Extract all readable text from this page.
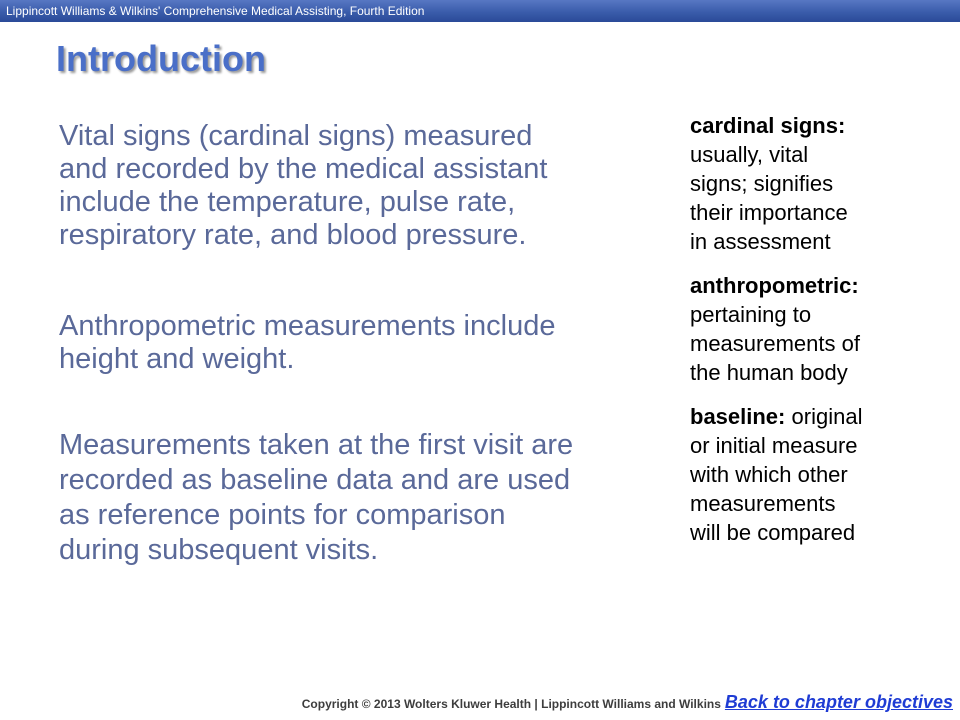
Lippincott Williams & Wilkins' Comprehensive Medical Assisting, Fourth Edition
Introduction
Vital signs (cardinal signs) measured
and recorded by the medical assistant
include the temperature, pulse rate,
respiratory rate, and blood pressure.
Anthropometric measurements include
height and weight.
Measurements taken at the first visit are
recorded as baseline data and are used
as reference points for comparison
during subsequent visits.
cardinal signs:
usually, vital
signs; signifies
their importance
in assessment
anthropometric:
pertaining to
measurements of
the human body
baseline: original
or initial measure
with which other
measurements
will be compared
Copyright © 2013 Wolters Kluwer Health | Lippincott Williams and Wilkins Back to chapter objectives
